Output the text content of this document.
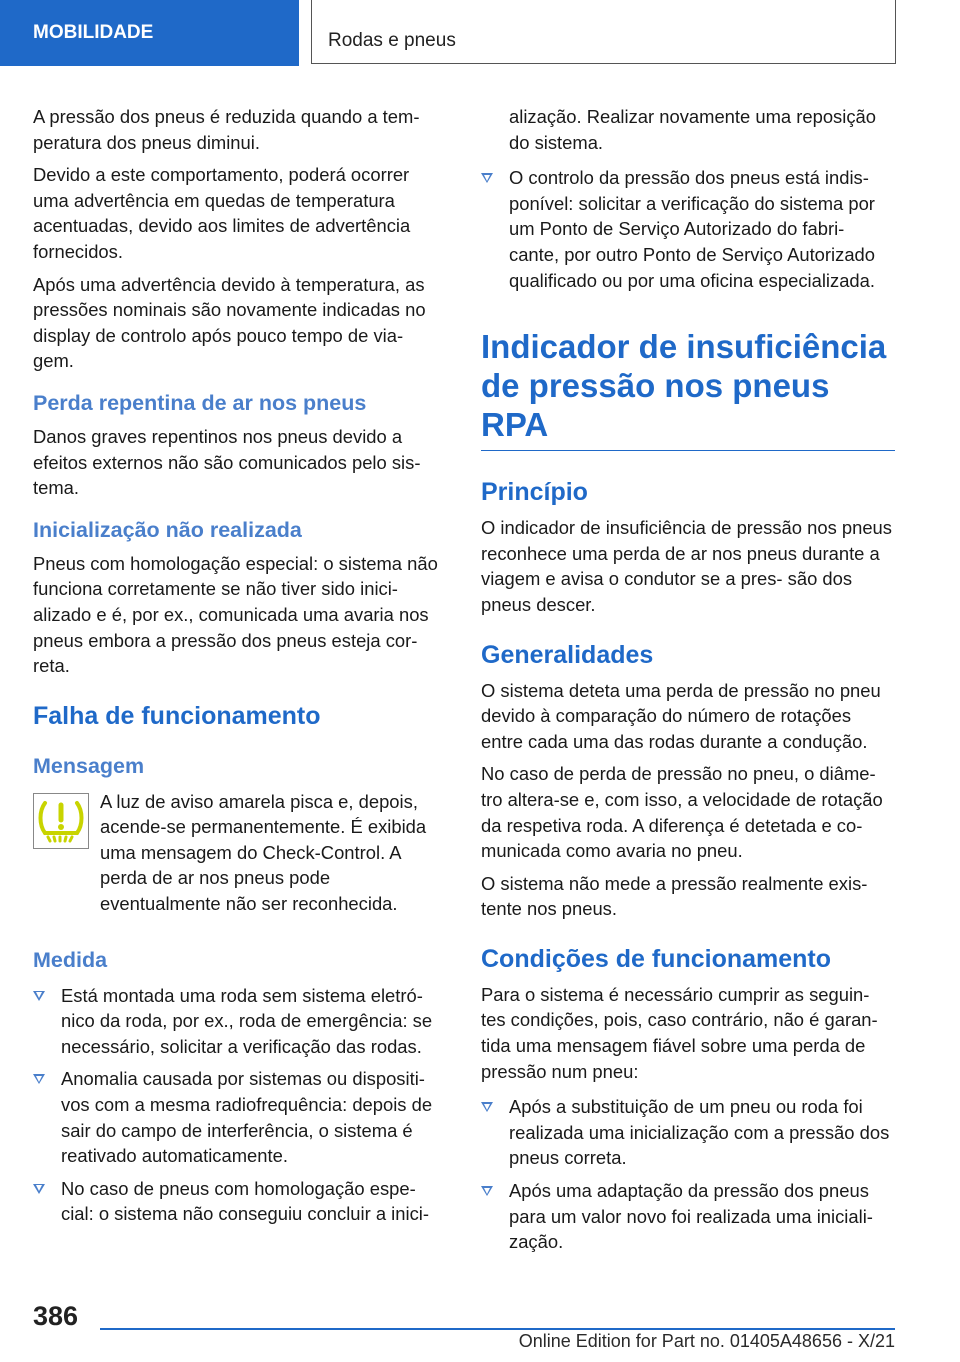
MOBILIDADE	Rodas e pneus

A pressão dos pneus é reduzida quando a tem- peratura dos pneus diminui.

Devido a este comportamento, poderá ocorrer uma advertência em quedas de temperatura acentuadas, devido aos limites de advertência fornecidos.

Após uma advertência devido à temperatura, as pressões nominais são novamente indicadas no display de controlo após pouco tempo de via- gem.

Perda repentina de ar nos pneus

Danos graves repentinos nos pneus devido a efeitos externos não são comunicados pelo sis- tema.

Inicialização não realizada

Pneus com homologação especial: o sistema não funciona corretamente se não tiver sido inici- alizado e é, por ex., comunicada uma avaria nos pneus embora a pressão dos pneus esteja cor- reta.

Falha de funcionamento
Mensagem

A luz de aviso amarela pisca e, depois, acende-se permanentemente. É exibida uma mensagem do Check-Control. A perda de ar nos pneus pode eventualmente não ser reconhecida.

Medida
Está montada uma roda sem sistema eletró- nico da roda, por ex., roda de emergência: se necessário, solicitar a verificação das rodas.
Anomalia causada por sistemas ou dispositi- vos com a mesma radiofrequência: depois de sair do campo de interferência, o sistema é reativado automaticamente.
No caso de pneus com homologação espe- cial: o sistema não conseguiu concluir a inici-
alização. Realizar novamente uma reposição do sistema.
O controlo da pressão dos pneus está indis- ponível: solicitar a verificação do sistema por um Ponto de Serviço Autorizado do fabri- cante, por outro Ponto de Serviço Autorizado qualificado ou por uma oficina especializada.
Indicador de insuficiência de pressão nos pneus RPA
Princípio

O indicador de insuficiência de pressão nos pneus reconhece uma perda de ar nos pneus durante a viagem e avisa o condutor se a pres- são dos pneus descer.

Generalidades

O sistema deteta uma perda de pressão no pneu devido à comparação do número de rotações entre cada uma das rodas durante a condução.

No caso de perda de pressão no pneu, o diâme- tro altera-se e, com isso, a velocidade de rotação da respetiva roda. A diferença é detetada e co- municada como avaria no pneu.

O sistema não mede a pressão realmente exis- tente nos pneus.

Condições de funcionamento

Para o sistema é necessário cumprir as seguin- tes condições, pois, caso contrário, não é garan- tida uma mensagem fiável sobre uma perda de pressão num pneu:

Após a substituição de um pneu ou roda foi realizada uma inicialização com a pressão dos pneus correta.
Após uma adaptação da pressão dos pneus para um valor novo foi realizada uma iniciali- zação.
386
Online Edition for Part no. 01405A48656 - X/21
